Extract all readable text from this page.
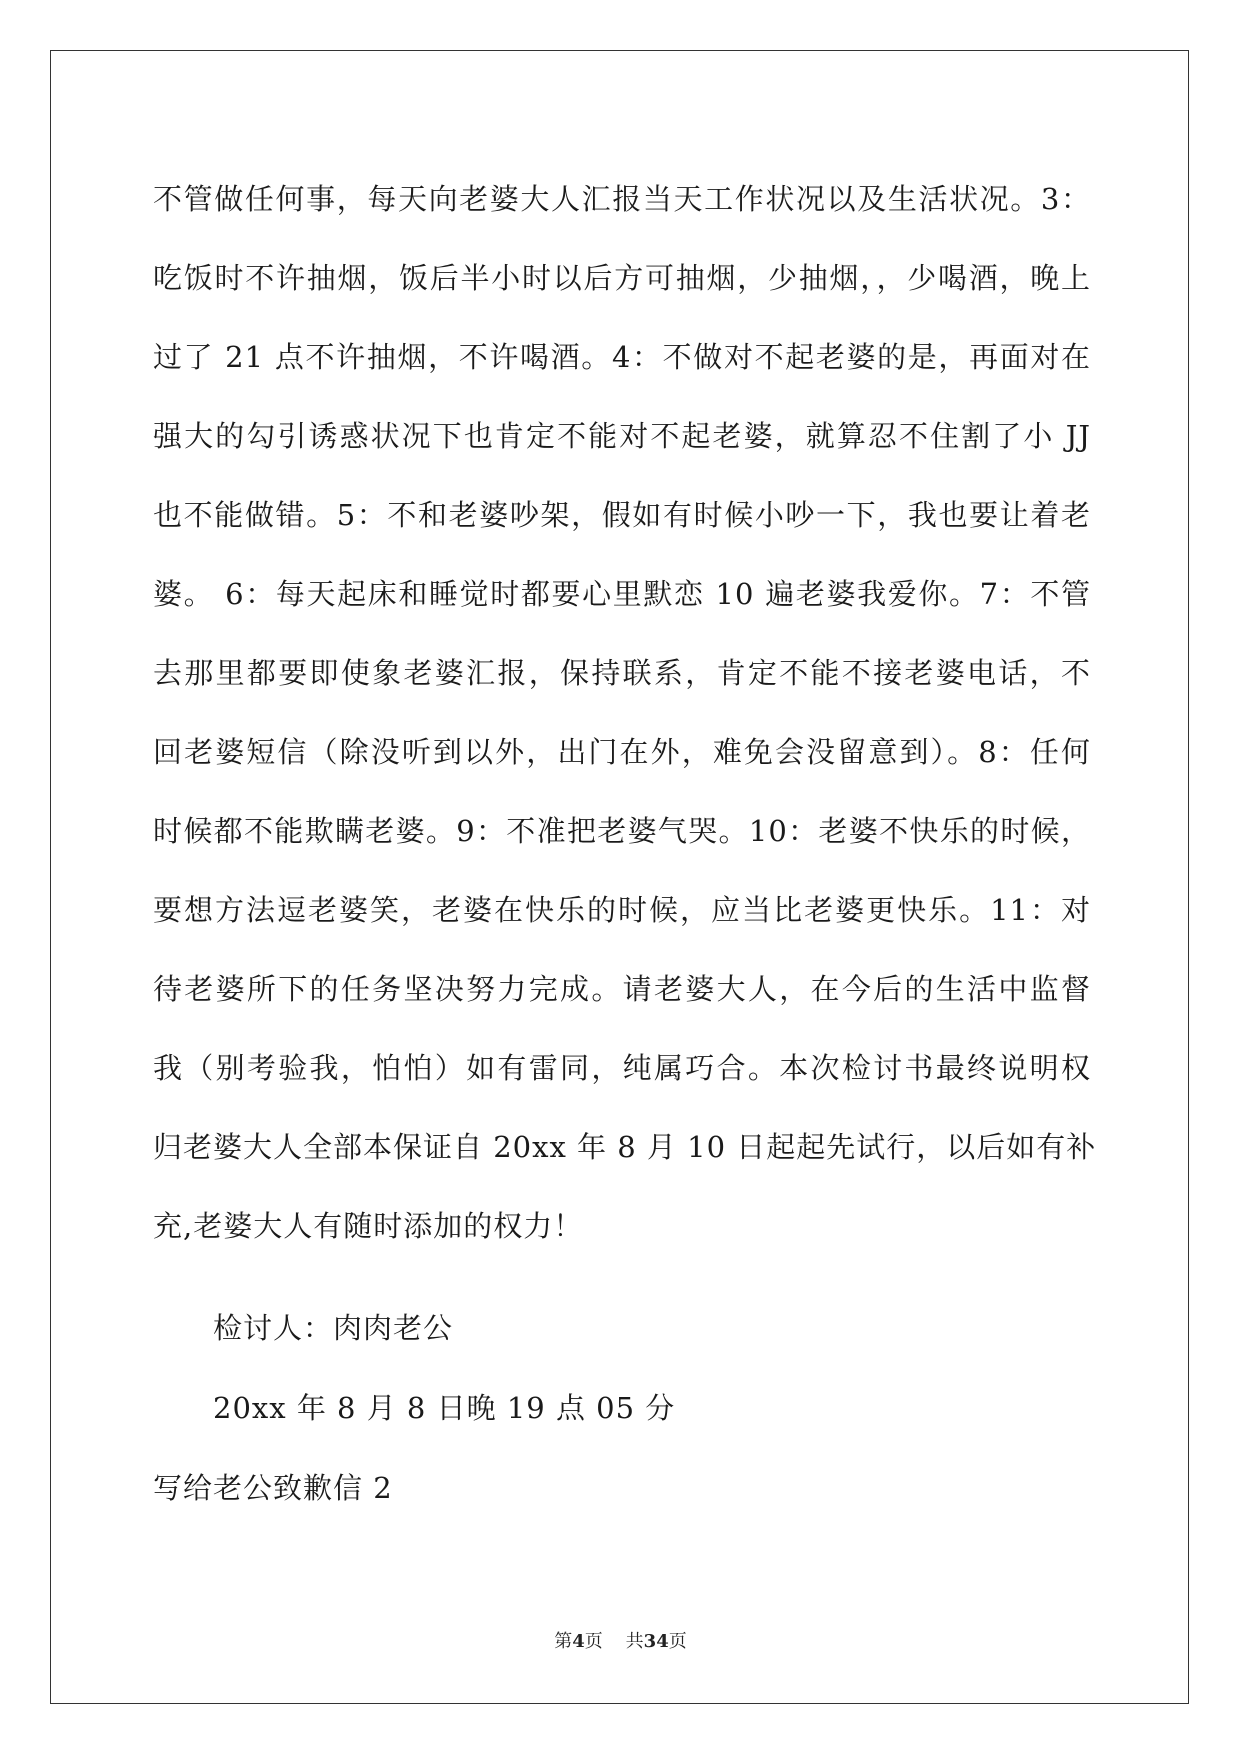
不管做任何事，每天向老婆大人汇报当天工作状况以及生活状况。3：
吃饭时不许抽烟，饭后半小时以后方可抽烟，少抽烟，，少喝酒，晚上
过了 21 点不许抽烟，不许喝酒。4：不做对不起老婆的是，再面对在
强大的勾引诱惑状况下也肯定不能对不起老婆，就算忍不住割了小 JJ
也不能做错。5：不和老婆吵架，假如有时候小吵一下，我也要让着老
婆。 6：每天起床和睡觉时都要心里默恋 10 遍老婆我爱你。7：不管
去那里都要即使象老婆汇报，保持联系，肯定不能不接老婆电话，不
回老婆短信（除没听到以外，出门在外，难免会没留意到）。8：任何
时候都不能欺瞒老婆。9：不准把老婆气哭。10：老婆不快乐的时候，
要想方法逗老婆笑，老婆在快乐的时候，应当比老婆更快乐。11：对
待老婆所下的任务坚决努力完成。请老婆大人，在今后的生活中监督
我（别考验我，怕怕）如有雷同，纯属巧合。本次检讨书最终说明权
归老婆大人全部本保证自 20xx 年 8 月 10 日起起先试行，以后如有补
充,老婆大人有随时添加的权力！
检讨人：肉肉老公
20xx 年 8 月 8 日晚 19 点 05 分
写给老公致歉信 2
第4页 共34页
